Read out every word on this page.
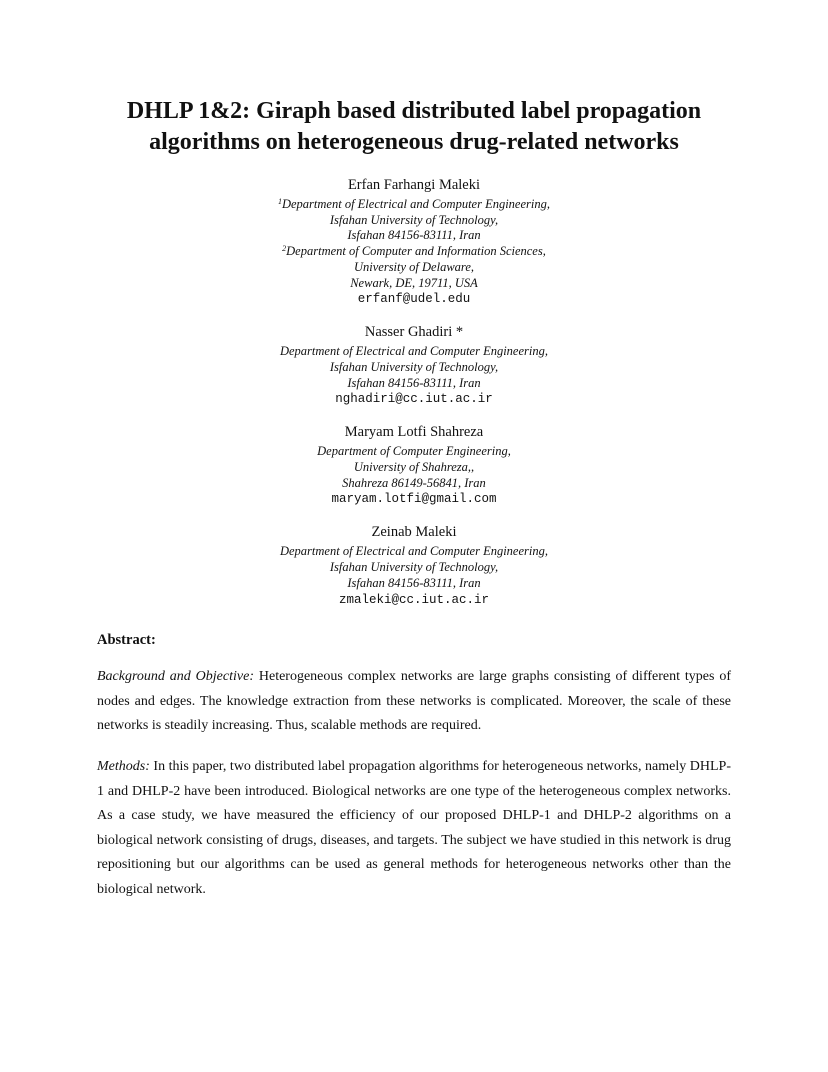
DHLP 1&2: Giraph based distributed label propagation
algorithms on heterogeneous drug-related networks
Erfan Farhangi Maleki
$^1$Department of Electrical and Computer Engineering,
Isfahan University of Technology,
Isfahan 84156-83111, Iran
$^2$Department of Computer and Information Sciences,
University of Delaware,
Newark, DE, 19711, USA
erfanf@udel.edu
Nasser Ghadiri *
Department of Electrical and Computer Engineering,
Isfahan University of Technology,
Isfahan 84156-83111, Iran
nghadiri@cc.iut.ac.ir
Maryam Lotfi Shahreza
Department of Computer Engineering,
University of Shahreza,,
Shahreza 86149-56841, Iran
maryam.lotfi@gmail.com
Zeinab Maleki
Department of Electrical and Computer Engineering,
Isfahan University of Technology,
Isfahan 84156-83111, Iran
zmaleki@cc.iut.ac.ir
Abstract:
Background and Objective: Heterogeneous complex networks are large graphs consisting of different types of nodes and edges. The knowledge extraction from these networks is complicated. Moreover, the scale of these networks is steadily increasing. Thus, scalable methods are required.
Methods: In this paper, two distributed label propagation algorithms for heterogeneous networks, namely DHLP-1 and DHLP-2 have been introduced. Biological networks are one type of the heterogeneous complex networks. As a case study, we have measured the efficiency of our proposed DHLP-1 and DHLP-2 algorithms on a biological network consisting of drugs, diseases, and targets. The subject we have studied in this network is drug repositioning but our algorithms can be used as general methods for heterogeneous networks other than the biological network.
